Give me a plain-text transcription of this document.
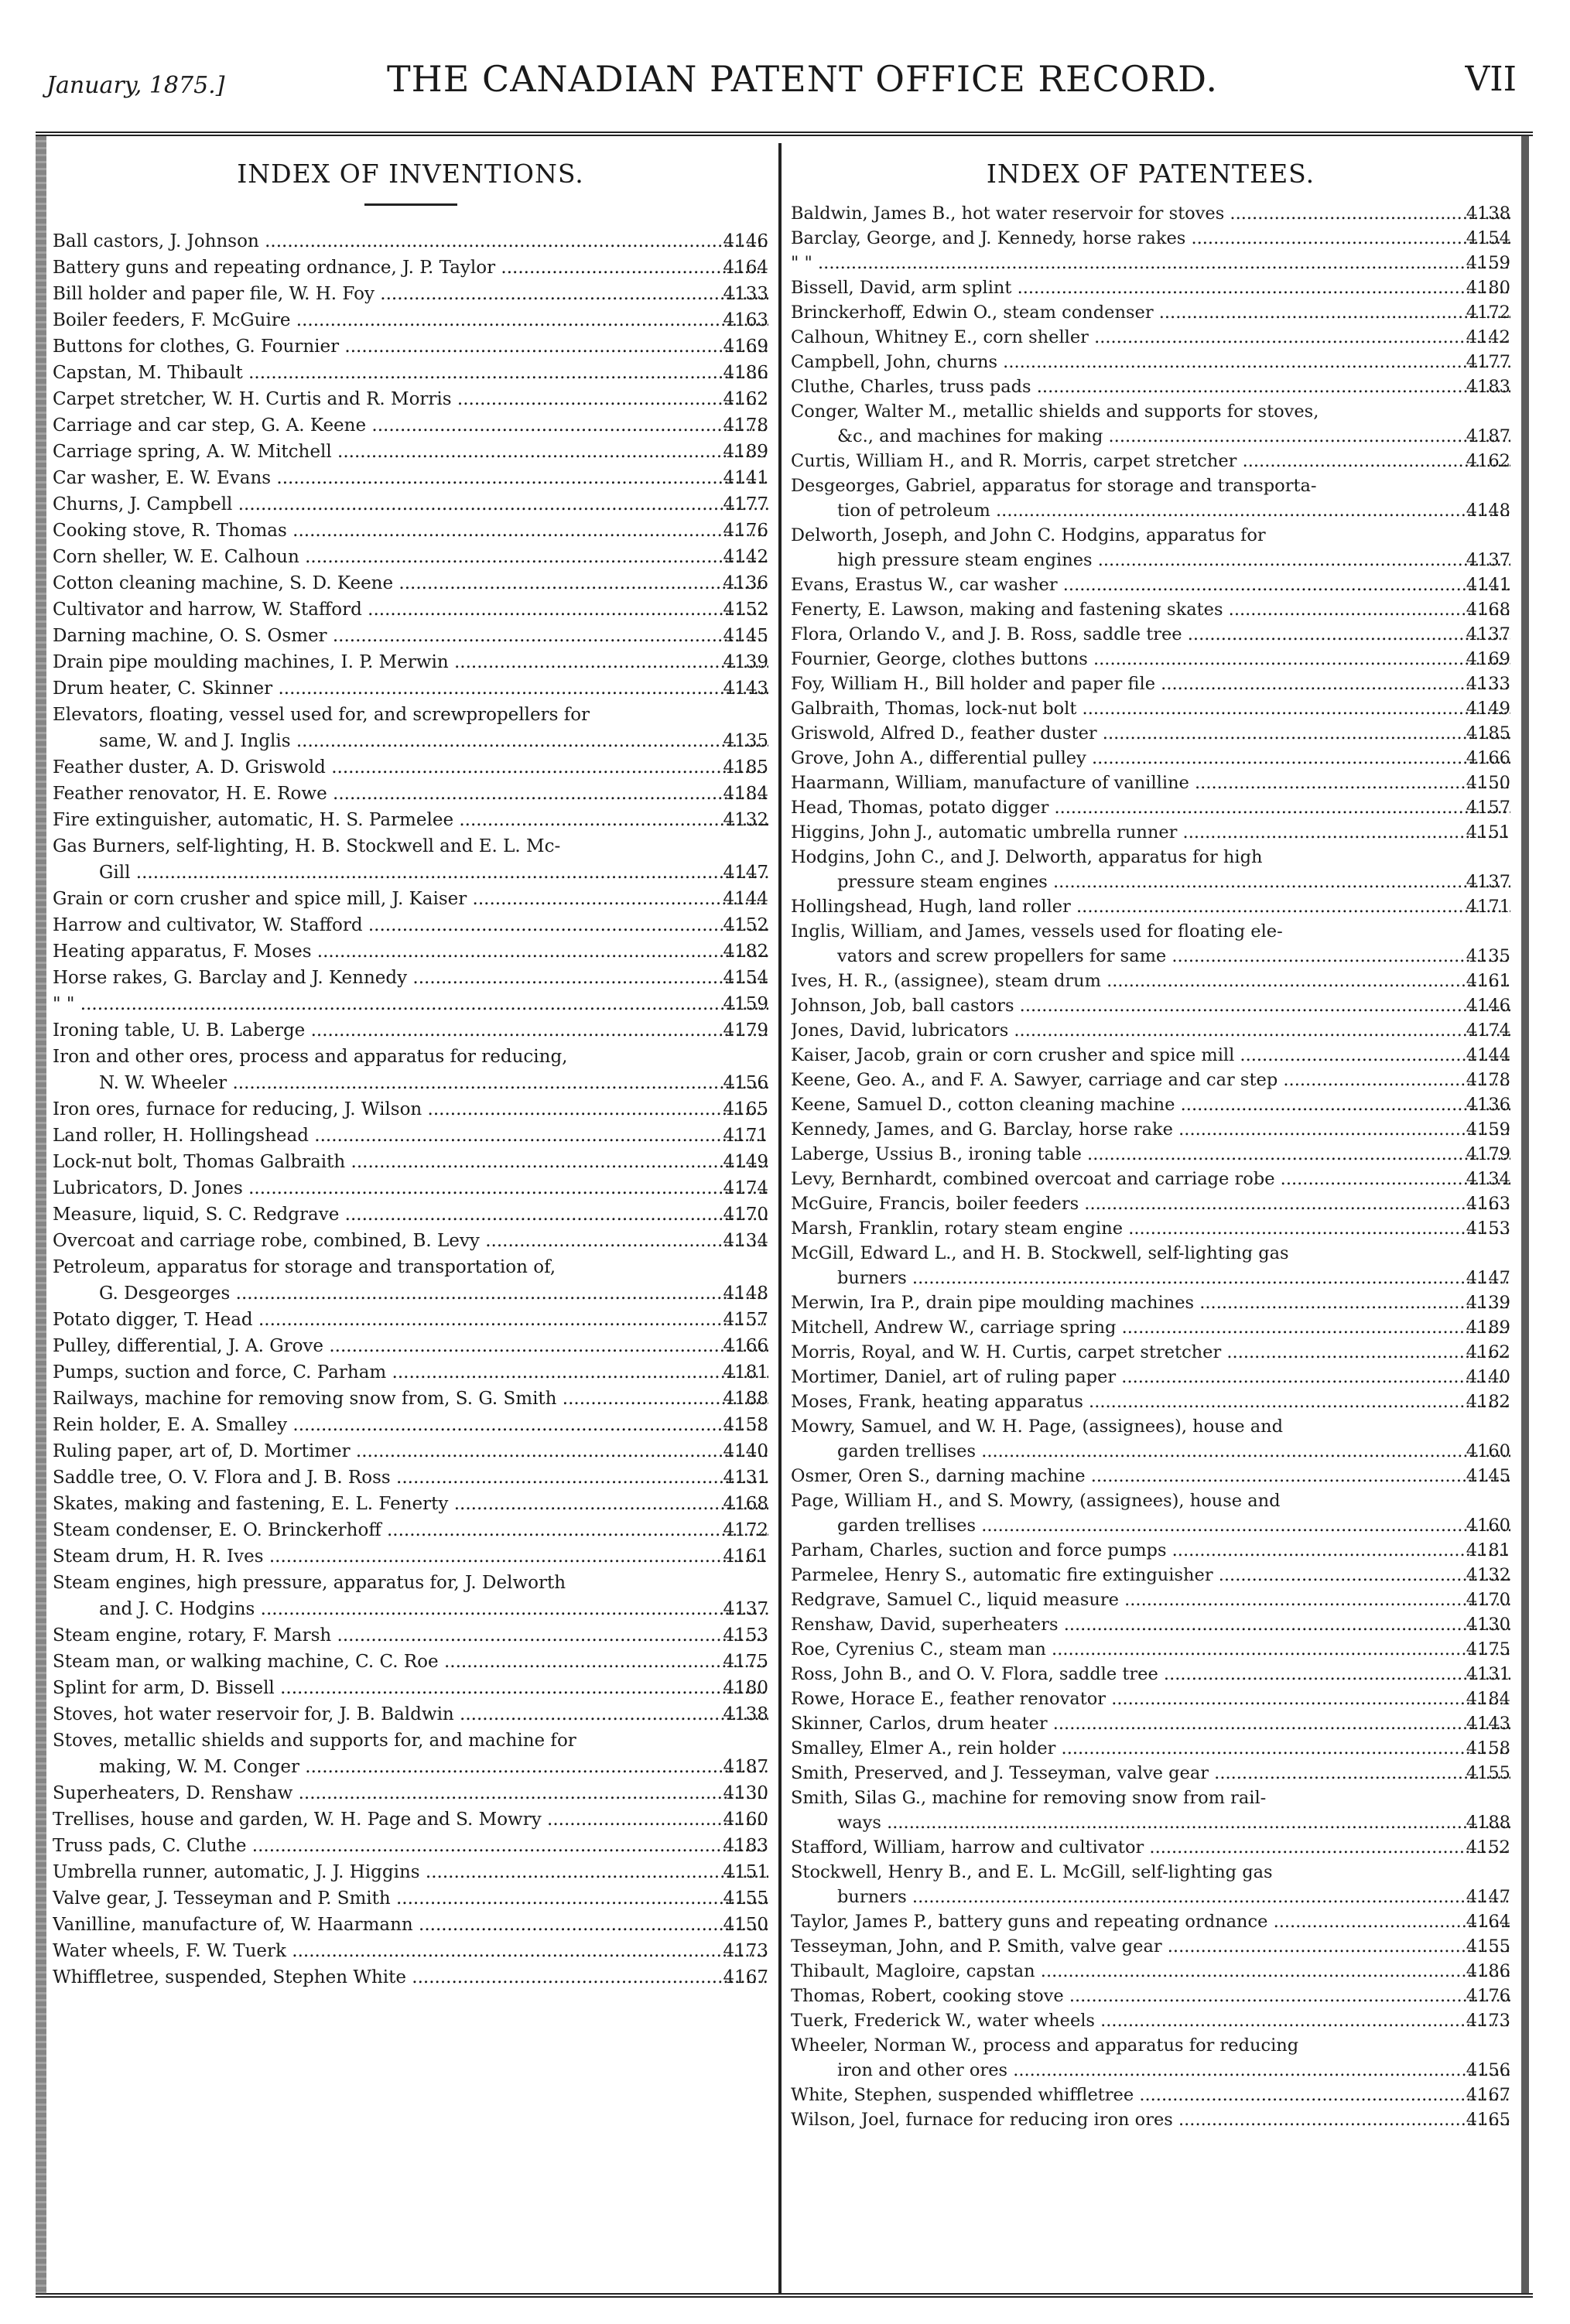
January, 1875.]	THE CANADIAN PATENT OFFICE RECORD.	VII
INDEX OF INVENTIONS.
Ball castors, J. Johnson .....	4146
Battery guns and repeating ordnance, J. P. Taylor .....	4164
Bill holder and paper file, W. H. Foy .....	4133
Boiler feeders, F. McGuire .....	4163
Buttons for clothes, G. Fournier .....	4169
Capstan, M. Thibault .....	4186
Carpet stretcher, W. H. Curtis and R. Morris .....	4162
Carriage and car step, G. A. Keene .....	4178
Carriage spring, A. W. Mitchell .....	4189
Car washer, E. W. Evans .....	4141
Churns, J. Campbell .....	4177
Cooking stove, R. Thomas .....	4176
Corn sheller, W. E. Calhoun .....	4142
Cotton cleaning machine, S. D. Keene .....	4136
Cultivator and harrow, W. Stafford .....	4152
Darning machine, O. S. Osmer .....	4145
Drain pipe moulding machines, I. P. Merwin .....	4139
Drum heater, C. Skinner .....	4143
Elevators, floating, vessel used for, and screwpropellers for
same, W. and J. Inglis .....	4135
Feather duster, A. D. Griswold .....	4185
Feather renovator, H. E. Rowe .....	4184
Fire extinguisher, automatic, H. S. Parmelee .....	4132
Gas Burners, self-lighting, H. B. Stockwell and E. L. Mc-
Gill .....	4147
Grain or corn crusher and spice mill, J. Kaiser .....	4144
Harrow and cultivator, W. Stafford .....	4152
Heating apparatus, F. Moses .....	4182
Horse rakes, G. Barclay and J. Kennedy .....	4154
" " .....	4159
Ironing table, U. B. Laberge .....	4179
Iron and other ores, process and apparatus for reducing,
N. W. Wheeler .....	4156
Iron ores, furnace for reducing, J. Wilson .....	4165
Land roller, H. Hollingshead .....	4171
Lock-nut bolt, Thomas Galbraith .....	4149
Lubricators, D. Jones .....	4174
Measure, liquid, S. C. Redgrave .....	4170
Overcoat and carriage robe, combined, B. Levy .....	4134
Petroleum, apparatus for storage and transportation of,
G. Desgeorges .....	4148
Potato digger, T. Head .....	4157
Pulley, differential, J. A. Grove .....	4166
Pumps, suction and force, C. Parham .....	4181
Railways, machine for removing snow from, S. G. Smith .....	4188
Rein holder, E. A. Smalley .....	4158
Ruling paper, art of, D. Mortimer .....	4140
Saddle tree, O. V. Flora and J. B. Ross .....	4131
Skates, making and fastening, E. L. Fenerty .....	4168
Steam condenser, E. O. Brinckerhoff .....	4172
Steam drum, H. R. Ives .....	4161
Steam engines, high pressure, apparatus for, J. Delworth
and J. C. Hodgins .....	4137
Steam engine, rotary, F. Marsh .....	4153
Steam man, or walking machine, C. C. Roe .....	4175
Splint for arm, D. Bissell .....	4180
Stoves, hot water reservoir for, J. B. Baldwin .....	4138
Stoves, metallic shields and supports for, and machine for
making, W. M. Conger .....	4187
Superheaters, D. Renshaw .....	4130
Trellises, house and garden, W. H. Page and S. Mowry .....	4160
Truss pads, C. Cluthe .....	4183
Umbrella runner, automatic, J. J. Higgins .....	4151
Valve gear, J. Tesseyman and P. Smith .....	4155
Vanilline, manufacture of, W. Haarmann .....	4150
Water wheels, F. W. Tuerk .....	4173
Whiffletree, suspended, Stephen White .....	4167
INDEX OF PATENTEES.
Baldwin, James B., hot water reservoir for stoves .....	4138
Barclay, George, and J. Kennedy, horse rakes .....	4154
" " .....	4159
Bissell, David, arm splint .....	4180
Brinckerhoff, Edwin O., steam condenser .....	4172
Calhoun, Whitney E., corn sheller .....	4142
Campbell, John, churns .....	4177
Cluthe, Charles, truss pads .....	4183
Conger, Walter M., metallic shields and supports for stoves,
&c., and machines for making .....	4187
Curtis, William H., and R. Morris, carpet stretcher .....	4162
Desgeorges, Gabriel, apparatus for storage and transporta-
tion of petroleum .....	4148
Delworth, Joseph, and John C. Hodgins, apparatus for
high pressure steam engines .....	4137
Evans, Erastus W., car washer .....	4141
Fenerty, E. Lawson, making and fastening skates .....	4168
Flora, Orlando V., and J. B. Ross, saddle tree .....	4137
Fournier, George, clothes buttons .....	4169
Foy, William H., Bill holder and paper file .....	4133
Galbraith, Thomas, lock-nut bolt .....	4149
Griswold, Alfred D., feather duster .....	4185
Grove, John A., differential pulley .....	4166
Haarmann, William, manufacture of vanilline .....	4150
Head, Thomas, potato digger .....	4157
Higgins, John J., automatic umbrella runner .....	4151
Hodgins, John C., and J. Delworth, apparatus for high
pressure steam engines .....	4137
Hollingshead, Hugh, land roller .....	4171
Inglis, William, and James, vessels used for floating ele-
vators and screw propellers for same .....	4135
Ives, H. R., (assignee), steam drum .....	4161
Johnson, Job, ball castors .....	4146
Jones, David, lubricators .....	4174
Kaiser, Jacob, grain or corn crusher and spice mill .....	4144
Keene, Geo. A., and F. A. Sawyer, carriage and car step .....	4178
Keene, Samuel D., cotton cleaning machine .....	4136
Kennedy, James, and G. Barclay, horse rake .....	4159
Laberge, Ussius B., ironing table .....	4179
Levy, Bernhardt, combined overcoat and carriage robe .....	4134
McGuire, Francis, boiler feeders .....	4163
Marsh, Franklin, rotary steam engine .....	4153
McGill, Edward L., and H. B. Stockwell, self-lighting gas
burners .....	4147
Merwin, Ira P., drain pipe moulding machines .....	4139
Mitchell, Andrew W., carriage spring .....	4189
Morris, Royal, and W. H. Curtis, carpet stretcher .....	4162
Mortimer, Daniel, art of ruling paper .....	4140
Moses, Frank, heating apparatus .....	4182
Mowry, Samuel, and W. H. Page, (assignees), house and
garden trellises .....	4160
Osmer, Oren S., darning machine .....	4145
Page, William H., and S. Mowry, (assignees), house and
garden trellises .....	4160
Parham, Charles, suction and force pumps .....	4181
Parmelee, Henry S., automatic fire extinguisher .....	4132
Redgrave, Samuel C., liquid measure .....	4170
Renshaw, David, superheaters .....	4130
Roe, Cyrenius C., steam man .....	4175
Ross, John B., and O. V. Flora, saddle tree .....	4131
Rowe, Horace E., feather renovator .....	4184
Skinner, Carlos, drum heater .....	4143
Smalley, Elmer A., rein holder .....	4158
Smith, Preserved, and J. Tesseyman, valve gear .....	4155
Smith, Silas G., machine for removing snow from rail-
ways .....	4188
Stafford, William, harrow and cultivator .....	4152
Stockwell, Henry B., and E. L. McGill, self-lighting gas
burners .....	4147
Taylor, James P., battery guns and repeating ordnance .....	4164
Tesseyman, John, and P. Smith, valve gear .....	4155
Thibault, Magloire, capstan .....	4186
Thomas, Robert, cooking stove .....	4176
Tuerk, Frederick W., water wheels .....	4173
Wheeler, Norman W., process and apparatus for reducing
iron and other ores .....	4156
White, Stephen, suspended whiffletree .....	4167
Wilson, Joel, furnace for reducing iron ores .....	4165
